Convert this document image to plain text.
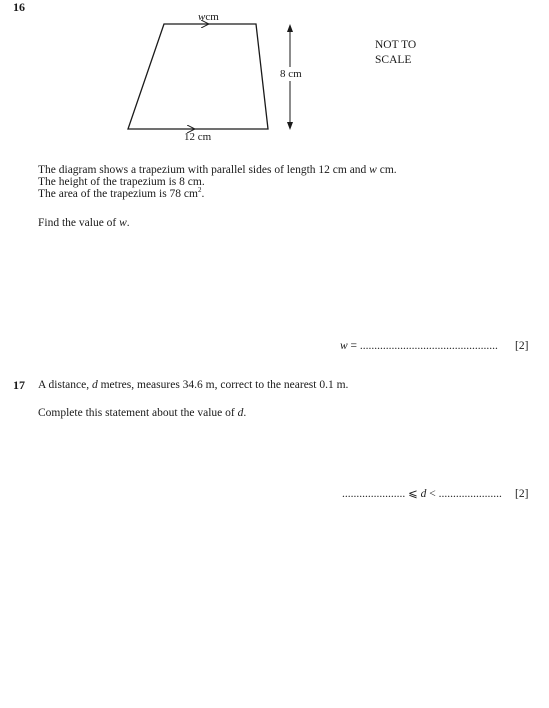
16
wcm
8 cm
12 cm
NOT TO
SCALE
The diagram shows a trapezium with parallel sides of length 12 cm and w cm.
The height of the trapezium is 8 cm.
The area of the trapezium is 78 $cm^2$.
Find the value of w.
w = ................................................ [2]
17 A distance, d metres, measures 34.6 m, correct to the nearest 0.1 m.
Complete this statement about the value of d.
...................... ⩽ d < ...................... [2]
